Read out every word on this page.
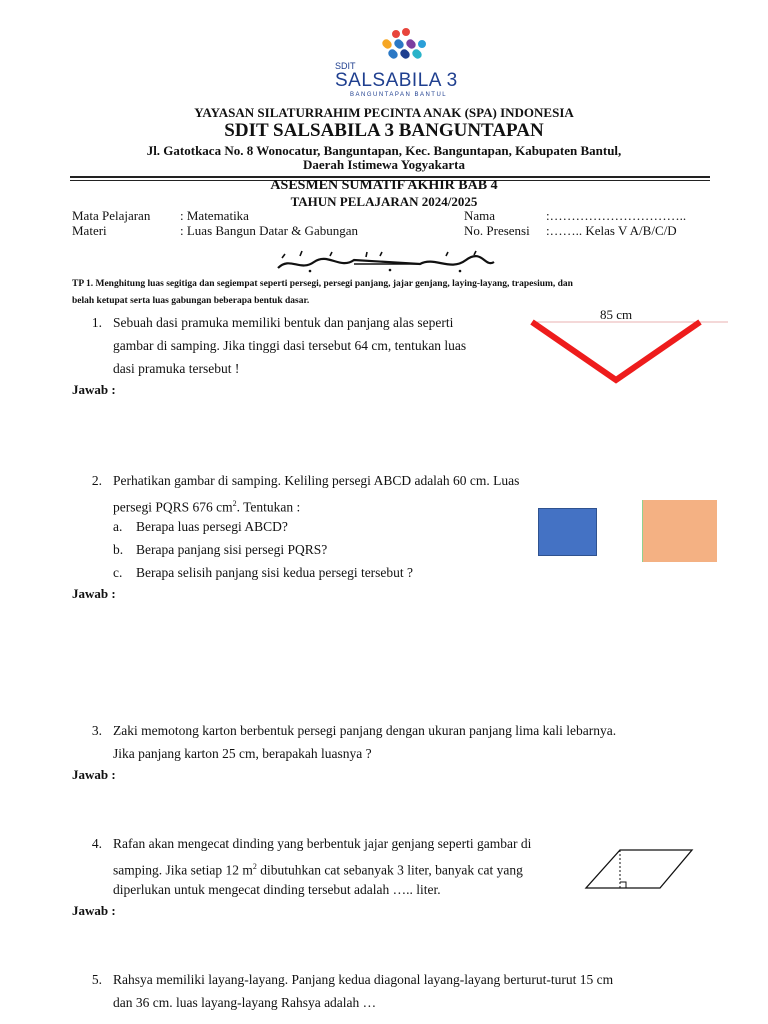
SDIT
SALSABILA 3
BANGUNTAPAN BANTUL
YAYASAN SILATURRAHIM PECINTA ANAK (SPA) INDONESIA
SDIT SALSABILA 3 BANGUNTAPAN
Jl. Gatotkaca No. 8 Wonocatur, Banguntapan, Kec. Banguntapan, Kabupaten Bantul,
Daerah Istimewa Yogyakarta
ASESMEN SUMATIF AKHIR BAB 4
TAHUN PELAJARAN 2024/2025
Mata Pelajaran : Matematika	Nama	:…………………………..
Materi	: Luas Bangun Datar & Gabungan	No. Presensi :…….. Kelas V A/B/C/D
TP 1. Menghitung luas segitiga dan segiempat seperti persegi, persegi panjang, jajar genjang, laying-layang, trapesium, dan
belah ketupat serta luas gabungan beberapa bentuk dasar.
1. Sebuah dasi pramuka memiliki bentuk dan panjang alas seperti
gambar di samping. Jika tinggi dasi tersebut 64 cm, tentukan luas
dasi pramuka tersebut !
Jawab :
85 cm
2. Perhatikan gambar di samping. Keliling persegi ABCD adalah 60 cm. Luas
persegi PQRS 676 $cm^2$. Tentukan :
a. Berapa luas persegi ABCD?
b. Berapa panjang sisi persegi PQRS?
c. Berapa selisih panjang sisi kedua persegi tersebut ?
Jawab :
3. Zaki memotong karton berbentuk persegi panjang dengan ukuran panjang lima kali lebarnya.
Jika panjang karton 25 cm, berapakah luasnya ?
Jawab :
4. Rafan akan mengecat dinding yang berbentuk jajar genjang seperti gambar di
samping. Jika setiap 12 $m^2$ dibutuhkan cat sebanyak 3 liter, banyak cat yang
diperlukan untuk mengecat dinding tersebut adalah ….. liter.
Jawab :
5. Rahsya memiliki layang-layang. Panjang kedua diagonal layang-layang berturut-turut 15 cm
dan 36 cm. luas layang-layang Rahsya adalah …
